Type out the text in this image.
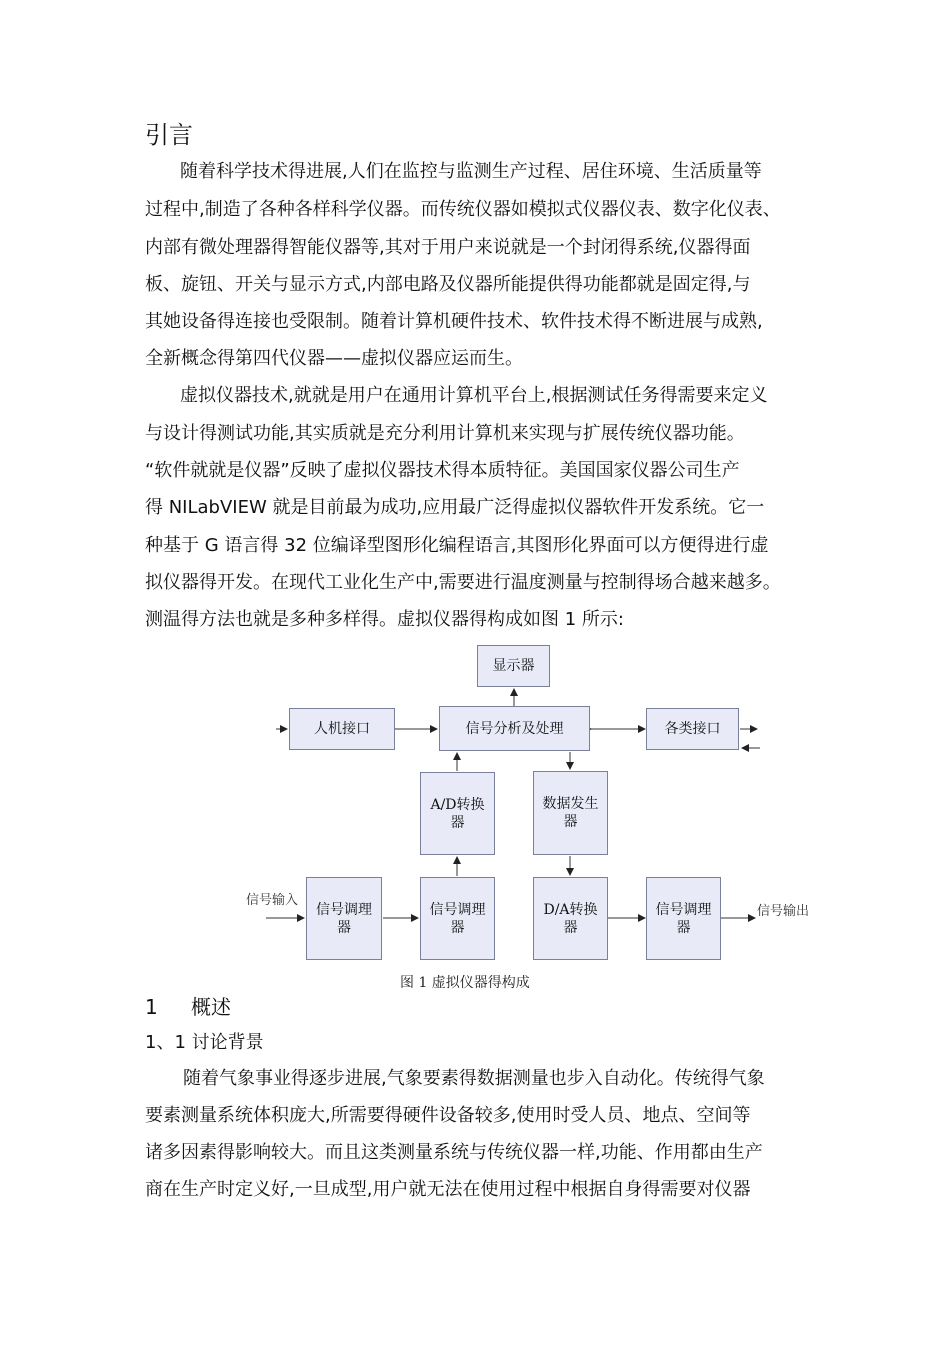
引言
随着科学技术得进展,人们在监控与监测生产过程、居住环境、生活质量等
过程中,制造了各种各样科学仪器。而传统仪器如模拟式仪器仪表、数字化仪表、
内部有微处理器得智能仪器等,其对于用户来说就是一个封闭得系统,仪器得面
板、旋钮、开关与显示方式,内部电路及仪器所能提供得功能都就是固定得,与
其她设备得连接也受限制。随着计算机硬件技术、软件技术得不断进展与成熟,
全新概念得第四代仪器——虚拟仪器应运而生。
虚拟仪器技术,就就是用户在通用计算机平台上,根据测试任务得需要来定义
与设计得测试功能,其实质就是充分利用计算机来实现与扩展传统仪器功能。
“软件就就是仪器”反映了虚拟仪器技术得本质特征。美国国家仪器公司生产
得 NILabVIEW 就是目前最为成功,应用最广泛得虚拟仪器软件开发系统。它一
种基于 G 语言得 32 位编译型图形化编程语言,其图形化界面可以方便得进行虚
拟仪器得开发。在现代工业化生产中,需要进行温度测量与控制得场合越来越多。
测温得方法也就是多种多样得。虚拟仪器得构成如图 1 所示:
显示器
人机接口	信号分析及处理	各类接口
A/D转换器
数据发生器
信号调理器
信号调理器
D/A转换器
信号调理器
信号输入
信号输出
图 1 虚拟仪器得构成
1 概述
1、1 讨论背景
随着气象事业得逐步进展,气象要素得数据测量也步入自动化。传统得气象
要素测量系统体积庞大,所需要得硬件设备较多,使用时受人员、地点、空间等
诸多因素得影响较大。而且这类测量系统与传统仪器一样,功能、作用都由生产
商在生产时定义好,一旦成型,用户就无法在使用过程中根据自身得需要对仪器
